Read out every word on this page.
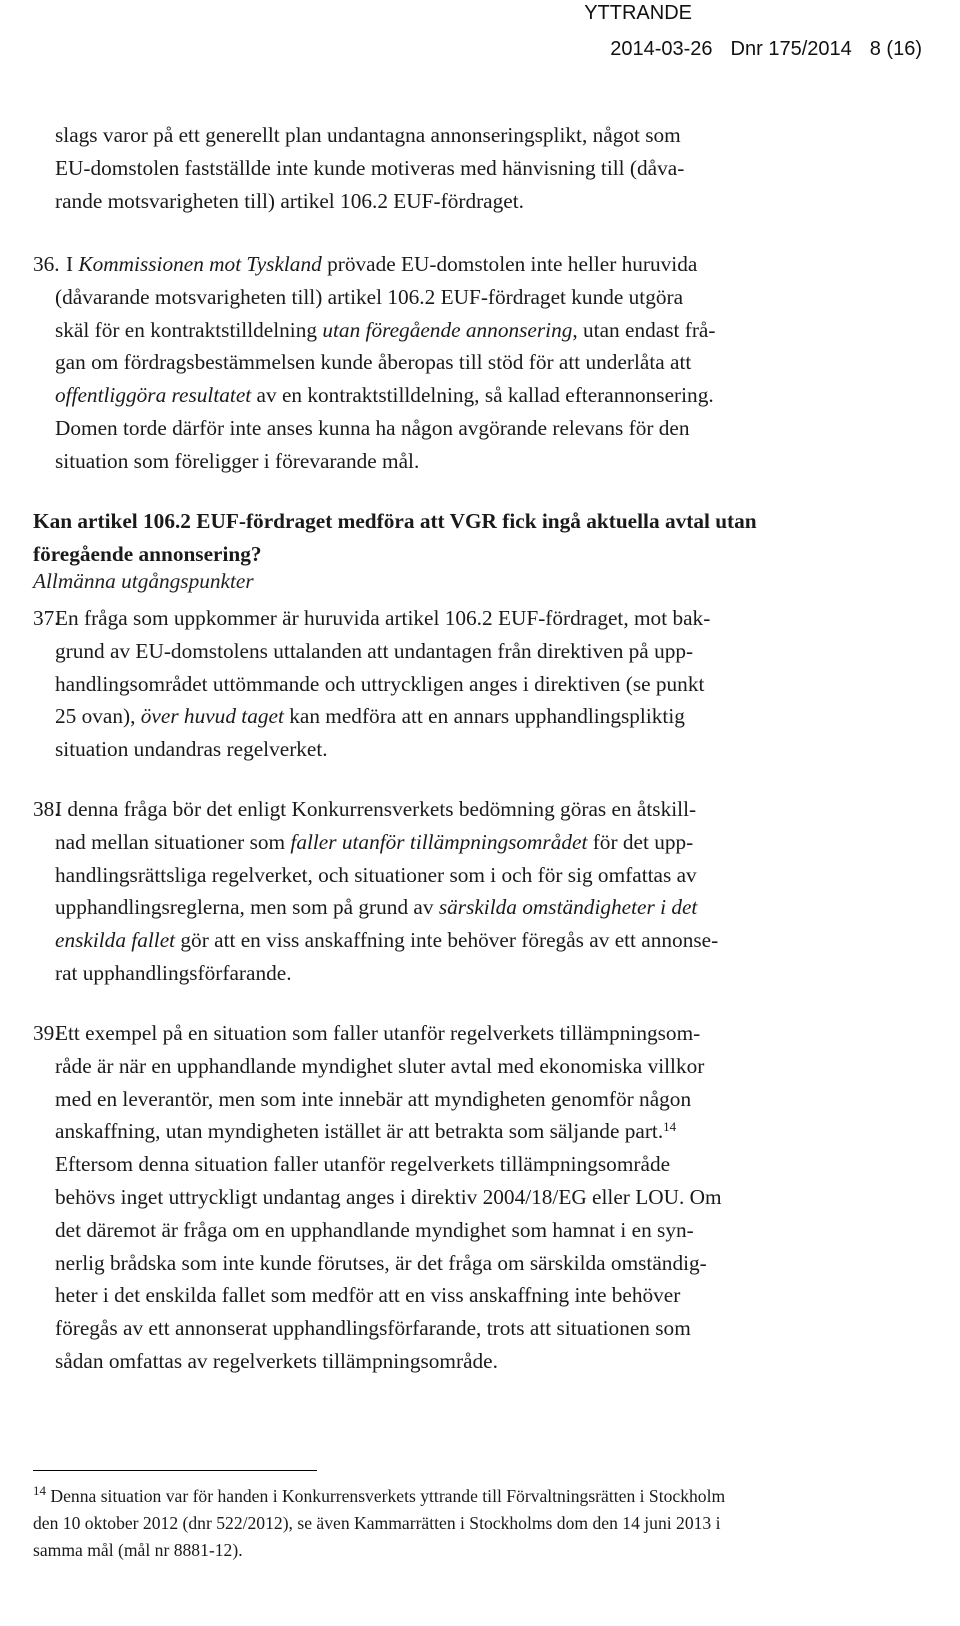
YTTRANDE
2014-03-26 Dnr 175/2014 8 (16)
slags varor på ett generellt plan undantagna annonseringsplikt, något som
EU-domstolen fastställde inte kunde motiveras med hänvisning till (dåva-
rande motsvarigheten till) artikel 106.2 EUF-fördraget.
36. I Kommissionen mot Tyskland prövade EU-domstolen inte heller huruvida
(dåvarande motsvarigheten till) artikel 106.2 EUF-fördraget kunde utgöra
skäl för en kontraktstilldelning utan föregående annonsering, utan endast frå-
gan om fördragsbestämmelsen kunde åberopas till stöd för att underlåta att
offentliggöra resultatet av en kontraktstilldelning, så kallad efterannonsering.
Domen torde därför inte anses kunna ha någon avgörande relevans för den
situation som föreligger i förevarande mål.
Kan artikel 106.2 EUF-fördraget medföra att VGR fick ingå aktuella avtal utan
föregående annonsering?
Allmänna utgångspunkter
37.
En fråga som uppkommer är huruvida artikel 106.2 EUF-fördraget, mot bak-
grund av EU-domstolens uttalanden att undantagen från direktiven på upp-
handlingsområdet uttömmande och uttryckligen anges i direktiven (se punkt
25 ovan), över huvud taget kan medföra att en annars upphandlingspliktig
situation undandras regelverket.
38.
I denna fråga bör det enligt Konkurrensverkets bedömning göras en åtskill-
nad mellan situationer som faller utanför tillämpningsområdet för det upp-
handlingsrättsliga regelverket, och situationer som i och för sig omfattas av
upphandlingsreglerna, men som på grund av särskilda omständigheter i det
enskilda fallet gör att en viss anskaffning inte behöver föregås av ett annonse-
rat upphandlingsförfarande.
39.
Ett exempel på en situation som faller utanför regelverkets tillämpningsom-
råde är när en upphandlande myndighet sluter avtal med ekonomiska villkor
med en leverantör, men som inte innebär att myndigheten genomför någon
anskaffning, utan myndigheten istället är att betrakta som säljande part.$^{14}$
Eftersom denna situation faller utanför regelverkets tillämpningsområde
behövs inget uttryckligt undantag anges i direktiv 2004/18/EG eller LOU. Om
det däremot är fråga om en upphandlande myndighet som hamnat i en syn-
nerlig brådska som inte kunde förutses, är det fråga om särskilda omständig-
heter i det enskilda fallet som medför att en viss anskaffning inte behöver
föregås av ett annonserat upphandlingsförfarande, trots att situationen som
sådan omfattas av regelverkets tillämpningsområde.
$^{14}$ Denna situation var för handen i Konkurrensverkets yttrande till Förvaltningsrätten i Stockholm
den 10 oktober 2012 (dnr 522/2012), se även Kammarrätten i Stockholms dom den 14 juni 2013 i
samma mål (mål nr 8881-12).
